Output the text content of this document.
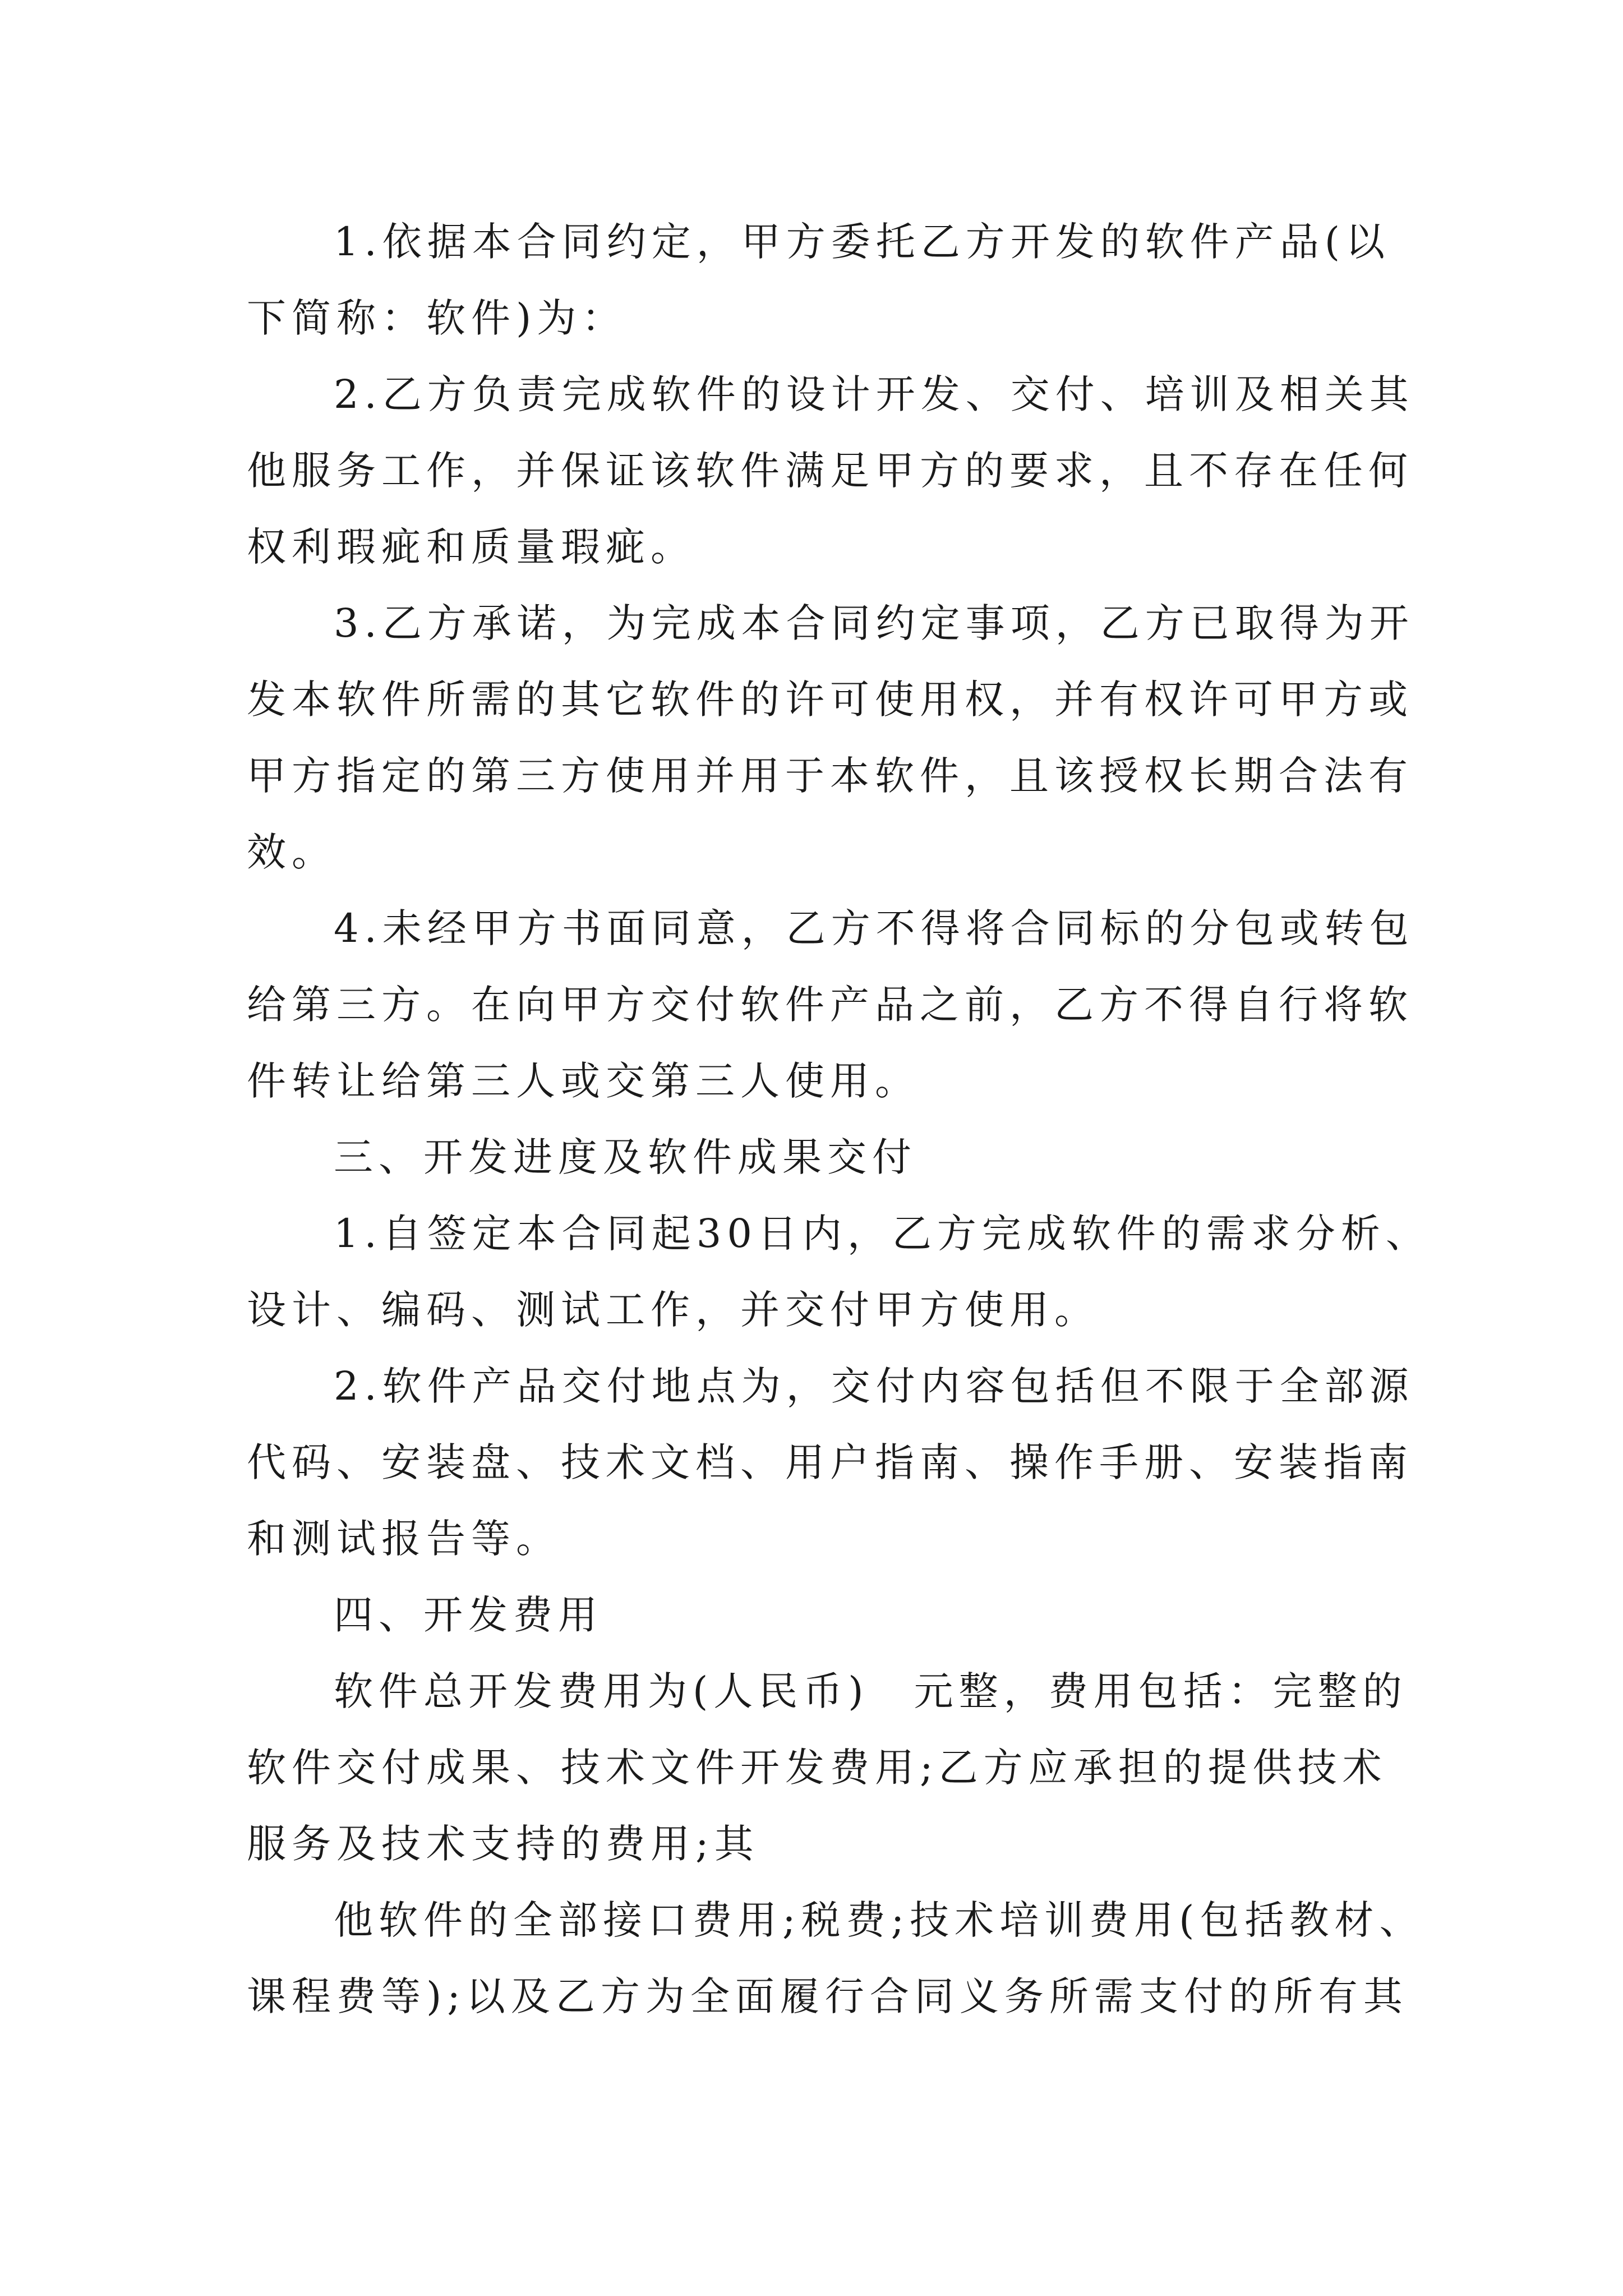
1.依据本合同约定，甲方委托乙方开发的软件产品(以
下简称：软件)为：
2.乙方负责完成软件的设计开发、交付、培训及相关其
他服务工作，并保证该软件满足甲方的要求，且不存在任何
权利瑕疵和质量瑕疵。
3.乙方承诺，为完成本合同约定事项，乙方已取得为开
发本软件所需的其它软件的许可使用权，并有权许可甲方或
甲方指定的第三方使用并用于本软件，且该授权长期合法有
效。
4.未经甲方书面同意，乙方不得将合同标的分包或转包
给第三方。在向甲方交付软件产品之前，乙方不得自行将软
件转让给第三人或交第三人使用。
三、开发进度及软件成果交付
1.自签定本合同起30日内，乙方完成软件的需求分析、
设计、编码、测试工作，并交付甲方使用。
2.软件产品交付地点为，交付内容包括但不限于全部源
代码、安装盘、技术文档、用户指南、操作手册、安装指南
和测试报告等。
四、开发费用
软件总开发费用为(人民币)　元整，费用包括：完整的
软件交付成果、技术文件开发费用;乙方应承担的提供技术
服务及技术支持的费用;其
他软件的全部接口费用;税费;技术培训费用(包括教材、
课程费等);以及乙方为全面履行合同义务所需支付的所有其
